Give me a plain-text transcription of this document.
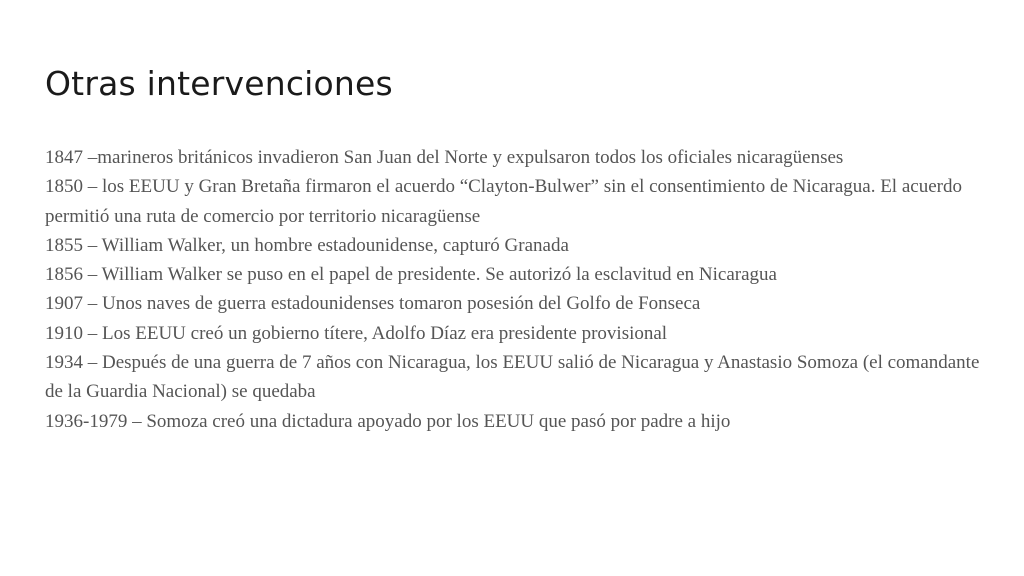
Otras intervenciones
1847 –marineros británicos invadieron San Juan del Norte y expulsaron todos los oficiales nicaragüenses
1850 – los EEUU y Gran Bretaña firmaron el acuerdo “Clayton-Bulwer” sin el consentimiento de Nicaragua. El acuerdo permitió una ruta de comercio por territorio nicaragüense
1855 – William Walker, un hombre estadounidense, capturó Granada
1856 – William Walker se puso en el papel de presidente. Se autorizó la esclavitud en Nicaragua
1907 – Unos naves de guerra estadounidenses tomaron posesión del Golfo de Fonseca
1910 – Los EEUU creó un gobierno títere, Adolfo Díaz era presidente provisional
1934 – Después de una guerra de 7 años con Nicaragua, los EEUU salió de Nicaragua y Anastasio Somoza (el comandante de la Guardia Nacional) se quedaba
1936-1979 – Somoza creó una dictadura apoyado por los EEUU que pasó por padre a hijo
